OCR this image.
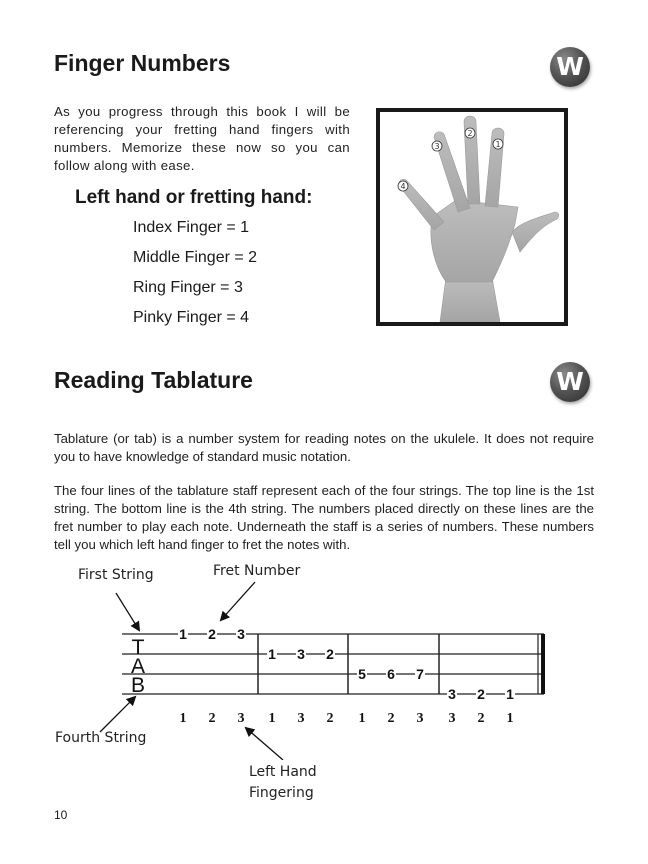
Finger Numbers	W
As you progress through this book I will be
referencing your fretting hand fingers with
numbers. Memorize these now so you can
follow along with ease.
Left hand or fretting hand:
Index Finger = 1
Middle Finger = 2
Ring Finger = 3
Pinky Finger = 4
4
3
2
1
Reading Tablature	W
Tablature (or tab) is a number system for reading notes on the ukulele. It does not require you to have knowledge of standard music notation.
The four lines of the tablature staff represent each of the four strings. The top line is the 1st string. The bottom line is the 4th string. The numbers placed directly on these lines are the fret number to play each note. Underneath the staff is a series of numbers. These numbers tell you which left hand finger to fret the notes with.
First String	Fret Number
Fourth String
Left Hand
Fingering
T
A
B
1 2 3
1 3 2
5 6 7
3 2 1
1 2 3 1 3 2 1 2 3 3 2 1
10
